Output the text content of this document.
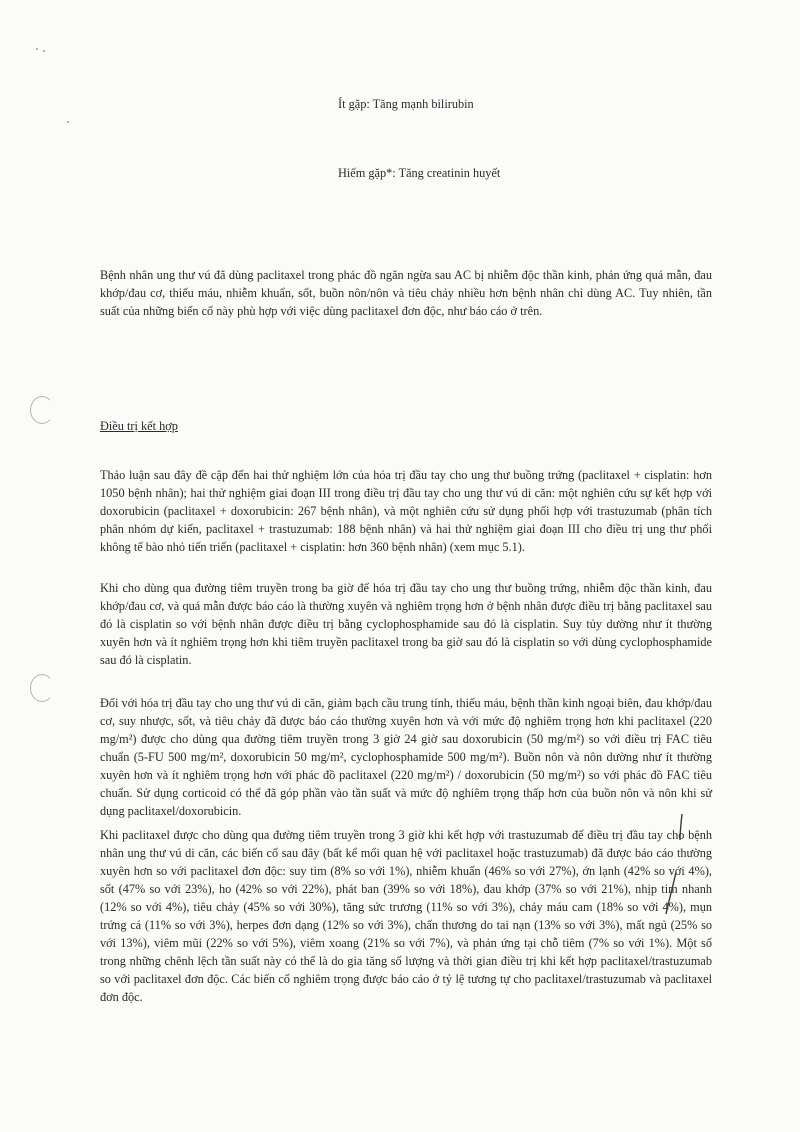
Ít gặp: Tăng mạnh bilirubin
Hiếm gặp*: Tăng creatinin huyết

Bệnh nhân ung thư vú đã dùng paclitaxel trong phác đồ ngăn ngừa sau AC bị nhiễm độc thần kinh, phản ứng quá mẫn, đau khớp/đau cơ, thiếu máu, nhiễm khuẩn, sốt, buồn nôn/nôn và tiêu chảy nhiều hơn bệnh nhân chỉ dùng AC. Tuy nhiên, tần suất của những biến cố này phù hợp với việc dùng paclitaxel đơn độc, như báo cáo ở trên.

Điều trị kết hợp

Thảo luận sau đây đề cập đến hai thử nghiệm lớn của hóa trị đầu tay cho ung thư buồng trứng (paclitaxel + cisplatin: hơn 1050 bệnh nhân); hai thử nghiệm giai đoạn III trong điều trị đầu tay cho ung thư vú di căn: một nghiên cứu sự kết hợp với doxorubicin (paclitaxel + doxorubicin: 267 bệnh nhân), và một nghiên cứu sử dụng phối hợp với trastuzumab (phân tích phân nhóm dự kiến, paclitaxel + trastuzumab: 188 bệnh nhân) và hai thử nghiệm giai đoạn III cho điều trị ung thư phổi không tế bào nhỏ tiến triển (paclitaxel + cisplatin: hơn 360 bệnh nhân) (xem mục 5.1).

Khi cho dùng qua đường tiêm truyền trong ba giờ để hóa trị đầu tay cho ung thư buồng trứng, nhiễm độc thần kinh, đau khớp/đau cơ, và quá mẫn được báo cáo là thường xuyên và nghiêm trọng hơn ở bệnh nhân được điều trị bằng paclitaxel sau đó là cisplatin so với bệnh nhân được điều trị bằng cyclophosphamide sau đó là cisplatin. Suy tủy dường như ít thường xuyên hơn và ít nghiêm trọng hơn khi tiêm truyền paclitaxel trong ba giờ sau đó là cisplatin so với dùng cyclophosphamide sau đó là cisplatin.

Đối với hóa trị đầu tay cho ung thư vú di căn, giảm bạch cầu trung tính, thiếu máu, bệnh thần kinh ngoại biên, đau khớp/đau cơ, suy nhược, sốt, và tiêu chảy đã được báo cáo thường xuyên hơn và với mức độ nghiêm trọng hơn khi paclitaxel (220 mg/m²) được cho dùng qua đường tiêm truyền trong 3 giờ 24 giờ sau doxorubicin (50 mg/m²) so với điều trị FAC tiêu chuẩn (5-FU 500 mg/m², doxorubicin 50 mg/m², cyclophosphamide 500 mg/m²). Buồn nôn và nôn dường như ít thường xuyên hơn và ít nghiêm trọng hơn với phác đồ paclitaxel (220 mg/m²) / doxorubicin (50 mg/m²) so với phác đồ FAC tiêu chuẩn. Sử dụng corticoid có thể đã góp phần vào tần suất và mức độ nghiêm trọng thấp hơn của buồn nôn và nôn khi sử dụng paclitaxel/doxorubicin.

Khi paclitaxel được cho dùng qua đường tiêm truyền trong 3 giờ khi kết hợp với trastuzumab để điều trị đầu tay cho bệnh nhân ung thư vú di căn, các biến cố sau đây (bất kể mối quan hệ với paclitaxel hoặc trastuzumab) đã được báo cáo thường xuyên hơn so với paclitaxel đơn độc: suy tim (8% so với 1%), nhiễm khuẩn (46% so với 27%), ớn lạnh (42% so với 4%), sốt (47% so với 23%), ho (42% so với 22%), phát ban (39% so với 18%), đau khớp (37% so với 21%), nhịp tim nhanh (12% so với 4%), tiêu chảy (45% so với 30%), tăng sức trương (11% so với 3%), chảy máu cam (18% so với 4%), mụn trứng cá (11% so với 3%), herpes đơn dạng (12% so với 3%), chấn thương do tai nạn (13% so với 3%), mất ngủ (25% so với 13%), viêm mũi (22% so với 5%), viêm xoang (21% so với 7%), và phản ứng tại chỗ tiêm (7% so với 1%). Một số trong những chênh lệch tần suất này có thể là do gia tăng số lượng và thời gian điều trị khi kết hợp paclitaxel/trastuzumab so với paclitaxel đơn độc. Các biến cố nghiêm trọng được báo cáo ở tỷ lệ tương tự cho paclitaxel/trastuzumab và paclitaxel đơn độc.
